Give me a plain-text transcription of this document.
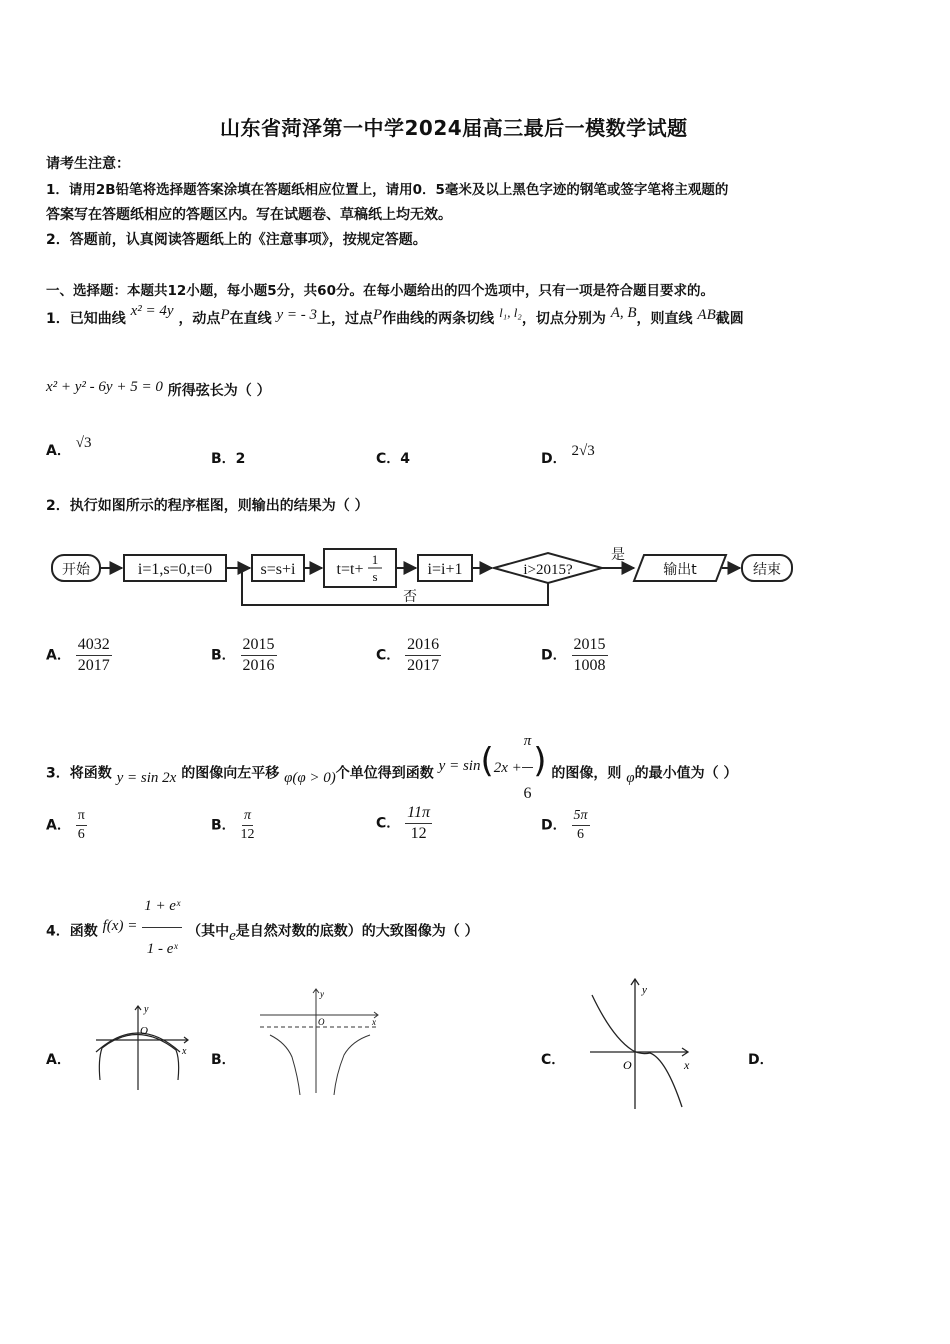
山东省菏泽第一中学2024届高三最后一模数学试题
请考生注意：
1．请用2B铅笔将选择题答案涂填在答题纸相应位置上，请用0．5毫米及以上黑色字迹的钢笔或签字笔将主观题的
答案写在答题纸相应的答题区内。写在试题卷、草稿纸上均无效。
2．答题前，认真阅读答题纸上的《注意事项》，按规定答题。
一、选择题：本题共12小题，每小题5分，共60分。在每小题给出的四个选项中，只有一项是符合题目要求的。
1．已知曲线 x² = 4y ，动点P在直线 y = - 3上，过点P作曲线的两条切线 l₁, l₂，切点分别为 A, B，则直线 AB截圆
x² + y² - 6y + 5 = 0 所得弦长为（ ）
A． √3
B．2	C．4	D． 2√3
2．执行如图所示的程序框图，则输出的结果为（ ）
开始	i=1,s=0,t=0	s=s+i	t=t+
1
s	i=i+1	i>2015?
是
否
输出t	结束
A． $\frac{4032}{2017}$	B． $\frac{2015}{2016}$	C． $\frac{2016}{2017}$	D． $\frac{2015}{1008}$
3．将函数 y = sin 2x 的图像向左平移 φ(φ > 0)个单位得到函数 $y = \sin(2x + \frac{\pi}{6}$ ) 的图像，则 φ的最小值为（ ）
A． $\frac{\pi}{6}$	B． $\frac{\pi}{12}$	C． $\frac{11\pi}{12}$	D． $\frac{5\pi}{6}$
4．函数 $f(x) = \frac{\text{1 + eˣ}}{\text{1 - eˣ}}$ （其中e是自然对数的底数）的大致图像为（ ）
A．	B．	C．	D．
y
x
O
y
x
O
y
x
O
